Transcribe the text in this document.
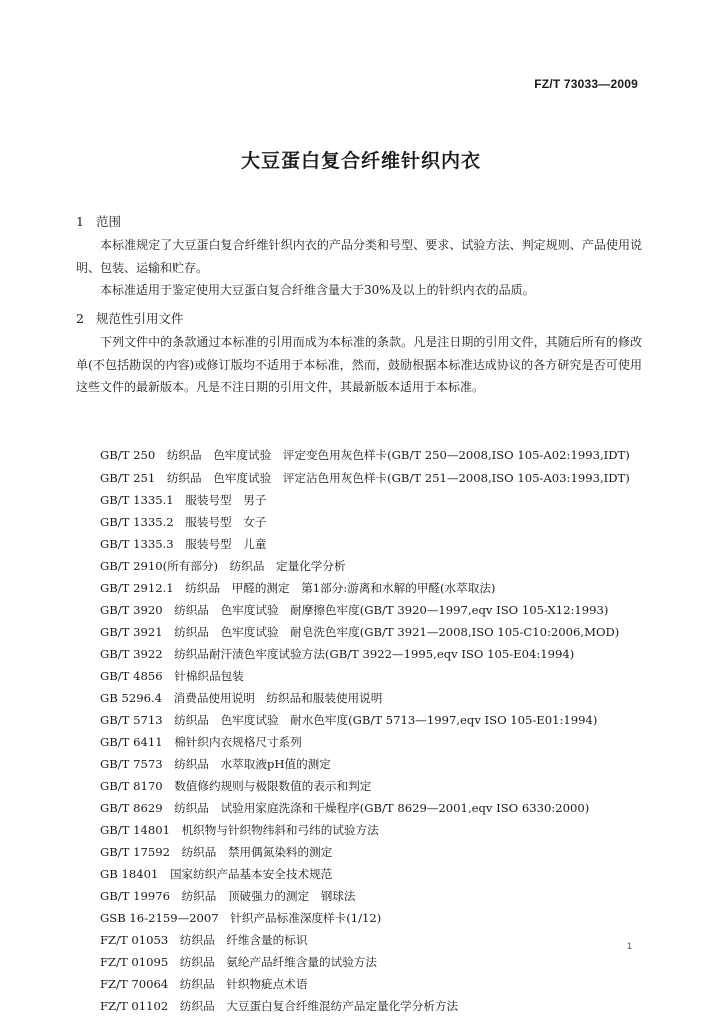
FZ/T 73033—2009
大豆蛋白复合纤维针织内衣
1 范围
本标准规定了大豆蛋白复合纤维针织内衣的产品分类和号型、要求、试验方法、判定规则、产品使用说明、包装、运输和贮存。
本标准适用于鉴定使用大豆蛋白复合纤维含量大于30%及以上的针织内衣的品质。
2 规范性引用文件
下列文件中的条款通过本标准的引用而成为本标准的条款。凡是注日期的引用文件，其随后所有的修改单(不包括勘误的内容)或修订版均不适用于本标准，然而，鼓励根据本标准达成协议的各方研究是否可使用这些文件的最新版本。凡是不注日期的引用文件，其最新版本适用于本标准。
GB/T 250　纺织品　色牢度试验　评定变色用灰色样卡(GB/T 250—2008,ISO 105-A02:1993,IDT)
GB/T 251　纺织品　色牢度试验　评定沾色用灰色样卡(GB/T 251—2008,ISO 105-A03:1993,IDT)
GB/T 1335.1　服装号型　男子
GB/T 1335.2　服装号型　女子
GB/T 1335.3　服装号型　儿童
GB/T 2910(所有部分)　纺织品　定量化学分析
GB/T 2912.1　纺织品　甲醛的测定　第1部分:游离和水解的甲醛(水萃取法)
GB/T 3920　纺织品　色牢度试验　耐摩擦色牢度(GB/T 3920—1997,eqv ISO 105-X12:1993)
GB/T 3921　纺织品　色牢度试验　耐皂洗色牢度(GB/T 3921—2008,ISO 105-C10:2006,MOD)
GB/T 3922　纺织品耐汗渍色牢度试验方法(GB/T 3922—1995,eqv ISO 105-E04:1994)
GB/T 4856　针棉织品包装
GB 5296.4　消费品使用说明　纺织品和服装使用说明
GB/T 5713　纺织品　色牢度试验　耐水色牢度(GB/T 5713—1997,eqv ISO 105-E01:1994)
GB/T 6411　棉针织内衣规格尺寸系列
GB/T 7573　纺织品　水萃取液pH值的测定
GB/T 8170　数值修约规则与极限数值的表示和判定
GB/T 8629　纺织品　试验用家庭洗涤和干燥程序(GB/T 8629—2001,eqv ISO 6330:2000)
GB/T 14801　机织物与针织物纬斜和弓纬的试验方法
GB/T 17592　纺织品　禁用偶氮染料的测定
GB 18401　国家纺织产品基本安全技术规范
GB/T 19976　纺织品　顶破强力的测定　钢球法
GSB 16-2159—2007　针织产品标准深度样卡(1/12)
FZ/T 01053　纺织品　纤维含量的标识
FZ/T 01095　纺织品　氨纶产品纤维含量的试验方法
FZ/T 70064　纺织品　针织物疵点术语
FZ/T 01102　纺织品　大豆蛋白复合纤维混纺产品定量化学分析方法
1
